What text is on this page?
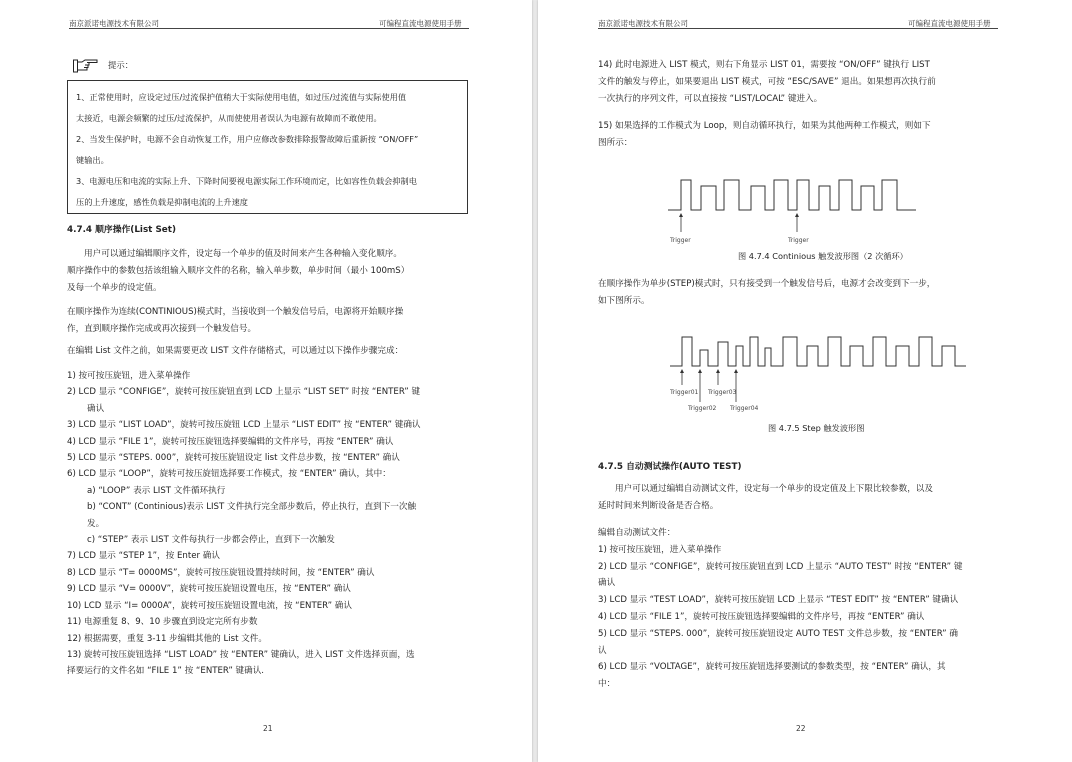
南京派诺电源技术有限公司	可编程直流电源使用手册
提示：
1、正常使用时，应设定过压/过流保护值稍大于实际使用电值，如过压/过流值与实际使用值
太接近，电源会频繁的过压/过流保护，从而使使用者误认为电源有故障而不敢使用。
2、当发生保护时，电源不会自动恢复工作，用户应修改参数排除报警故障后重新按 “ON/OFF”
键输出。
3、电源电压和电流的实际上升、下降时间要视电源实际工作环境而定，比如容性负载会抑制电
压的上升速度，感性负载是抑制电流的上升速度
4.7.4 顺序操作(List Set)
用户可以通过编辑顺序文件，设定每一个单步的值及时间来产生各种输入变化顺序。
顺序操作中的参数包括该组输入顺序文件的名称，输入单步数，单步时间（最小 100mS）
及每一个单步的设定值。
在顺序操作为连续(CONTINIOUS)模式时，当接收到一个触发信号后，电源将开始顺序操
作，直到顺序操作完成或再次接到一个触发信号。
在编辑 List 文件之前，如果需要更改 LIST 文件存储格式，可以通过以下操作步骤完成：
1) 按可按压旋钮，进入菜单操作
2) LCD 显示 “CONFIGE”，旋转可按压旋钮直到 LCD 上显示 “LIST SET” 时按 “ENTER” 键
确认
3) LCD 显示 “LIST LOAD”，旋转可按压旋钮 LCD 上显示 “LIST EDIT” 按 “ENTER” 键确认
4) LCD 显示 “FILE 1”，旋转可按压旋钮选择要编辑的文件序号，再按 “ENTER” 确认
5) LCD 显示 “STEPS. 000”，旋转可按压旋钮设定 list 文件总步数，按 “ENTER” 确认
6) LCD 显示 “LOOP”，旋转可按压旋钮选择要工作模式，按 “ENTER” 确认，其中：
a) “LOOP” 表示 LIST 文件循环执行
b) “CONT” (Continious)表示 LIST 文件执行完全部步数后，停止执行，直到下一次触
发。
c) “STEP” 表示 LIST 文件每执行一步都会停止，直到下一次触发
7) LCD 显示 “STEP 1”，按 Enter 确认
8) LCD 显示 “T= 0000MS”，旋转可按压旋钮设置持续时间，按 “ENTER” 确认
9) LCD 显示 “V= 0000V”，旋转可按压旋钮设置电压，按 “ENTER” 确认
10) LCD 显示 “I= 0000A”，旋转可按压旋钮设置电流，按 “ENTER” 确认
11) 电源重复 8、9、10 步骤直到设定完所有步数
12) 根据需要，重复 3-11 步编辑其他的 List 文件。
13) 旋转可按压旋钮选择 “LIST LOAD” 按 “ENTER” 键确认，进入 LIST 文件选择页面，选
择要运行的文件名如 “FILE 1” 按 “ENTER” 键确认.
21
南京派诺电源技术有限公司	可编程直流电源使用手册
14) 此时电源进入 LIST 模式，则右下角显示 LIST 01，需要按 “ON/OFF” 键执行 LIST
文件的触发与停止，如果要退出 LIST 模式，可按 “ESC/SAVE” 退出。如果想再次执行前
一次执行的序列文件，可以直接按 “LIST/LOCAL” 键进入。
15) 如果选择的工作模式为 Loop，则自动循环执行，如果为其他两种工作模式，则如下
图所示：
Trigger	Trigger
图 4.7.4 Continious 触发波形图（2 次循环）
在顺序操作为单步(STEP)模式时，只有接受到一个触发信号后，电源才会改变到下一步，
如下图所示。
Trigger01
Trigger02
Trigger03
Trigger04
图 4.7.5 Step 触发波形图
4.7.5 自动测试操作(AUTO TEST)
用户可以通过编辑自动测试文件，设定每一个单步的设定值及上下限比较参数，以及
延时时间来判断设备是否合格。
编辑自动测试文件：
1) 按可按压旋钮，进入菜单操作
2) LCD 显示 “CONFIGE”，旋转可按压旋钮直到 LCD 上显示 “AUTO TEST” 时按 “ENTER” 键
确认
3) LCD 显示 “TEST LOAD”，旋转可按压旋钮 LCD 上显示 “TEST EDIT” 按 “ENTER” 键确认
4) LCD 显示 “FILE 1”，旋转可按压旋钮选择要编辑的文件序号，再按 “ENTER” 确认
5) LCD 显示 “STEPS. 000”，旋转可按压旋钮设定 AUTO TEST 文件总步数，按 “ENTER” 确
认
6) LCD 显示 “VOLTAGE”，旋转可按压旋钮选择要测试的参数类型，按 “ENTER” 确认，其
中：
22
